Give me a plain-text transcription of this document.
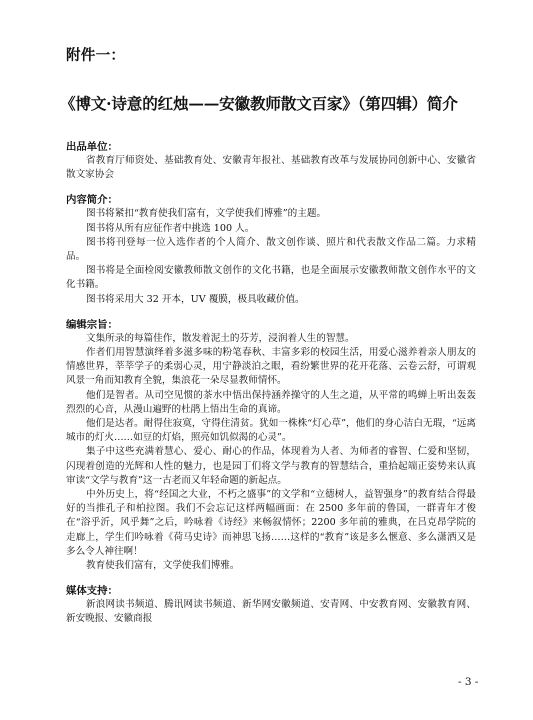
附件一：
《博文·诗意的红烛——安徽教师散文百家》（第四辑）简介

出品单位：

省教育厅师资处、基础教育处、安徽青年报社、基础教育改革与发展协同创新中心、安徽省散文家协会

内容简介：

图书将紧扣“教育使我们富有，文学使我们博雅”的主题。

图书将从所有应征作者中挑选 100 人。

图书将刊登每一位入选作者的个人简介、散文创作谈、照片和代表散文作品二篇。力求精品。

图书将是全面检阅安徽教师散文创作的文化书籍，也是全面展示安徽教师散文创作水平的文化书籍。

图书将采用大 32 开本，UV 覆膜，极具收藏价值。

编辑宗旨：

文集所录的每篇佳作，散发着泥土的芬芳，浸润着人生的智慧。

作者们用智慧演绎着多滋多味的粉笔春秋、丰富多彩的校园生活，用爱心滋养着亲人朋友的情感世界，莘莘学子的柔弱心灵，用宁静淡泊之眼，看纷繁世界的花开花落、云卷云舒，可谓观风景一角而知教育全貌，集浪花一朵尽显教师情怀。

他们是智者。从司空见惯的茶水中悟出保持涵养操守的人生之道，从平常的鸣蝉上听出轰轰烈烈的心音，从漫山遍野的杜鹃上悟出生命的真谛。

他们是达者。耐得住寂寞，守得住清贫。犹如一株株“灯心草”，他们的身心洁白无瑕，“远离城市的灯火……如豆的灯焰，照亮如饥似渴的心灵”。

集子中这些充满着慧心、爱心、耐心的作品，体现着为人者、为师者的睿智、仁爱和坚韧，闪现着创造的光辉和人性的魅力，也是园丁们将文学与教育的智慧结合，重拾起端正姿势来认真审读“文学与教育”这一古老而又年轻命题的新起点。

中外历史上，将“经国之大业，不朽之盛事”的文学和“立德树人，益智强身”的教育结合得最好的当推孔子和柏拉图。我们不会忘记这样两幅画面：在 2500 多年前的鲁国，一群青年才俊在“浴乎沂，风乎舞”之后，吟咏着《诗经》来畅叙情怀；2200 多年前的雅典，在吕克昂学院的走廊上，学生们吟咏着《荷马史诗》而神思飞扬……这样的“教育”该是多么惬意、多么潇洒又是多么令人神往啊！

教育使我们富有，文学使我们博雅。

媒体支持：

新浪网读书频道、腾讯网读书频道、新华网安徽频道、安青网、中安教育网、安徽教育网、新安晚报、安徽商报

- 3 -
